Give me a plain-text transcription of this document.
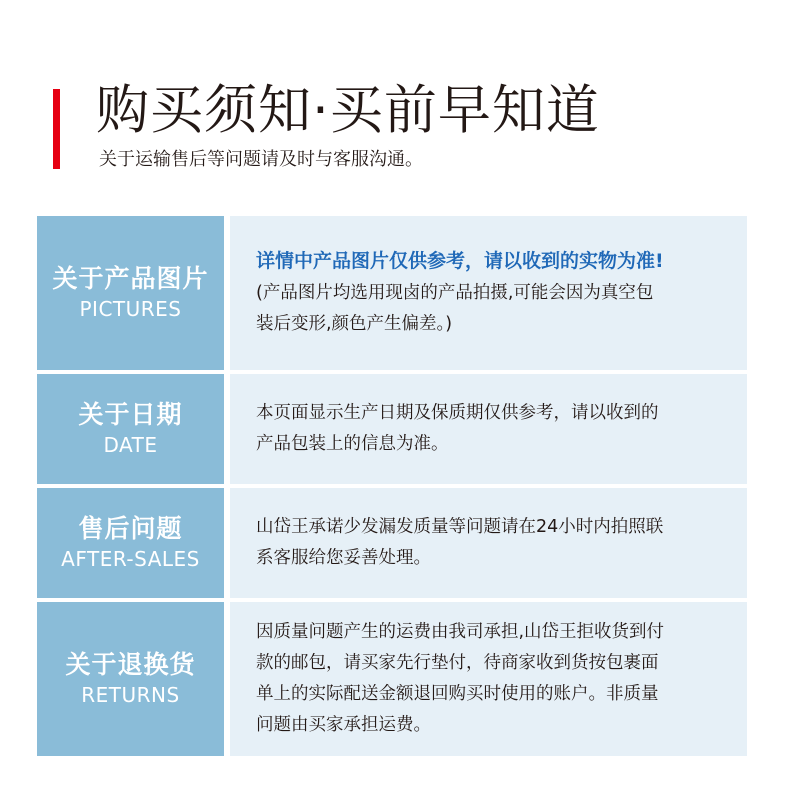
购买须知·买前早知道
关于运输售后等问题请及时与客服沟通。
关于产品图片
PICTURES
详情中产品图片仅供参考，请以收到的实物为准!

(产品图片均选用现卤的产品拍摄,可能会因为真空包

装后变形,颜色产生偏差。)

关于日期
DATE

本页面显示生产日期及保质期仅供参考，请以收到的

产品包装上的信息为准。

售后问题
AFTER-SALES

山岱王承诺少发漏发质量等问题请在24小时内拍照联

系客服给您妥善处理。

关于退换货
RETURNS

因质量问题产生的运费由我司承担,山岱王拒收货到付

款的邮包，请买家先行垫付，待商家收到货按包裹面

单上的实际配送金额退回购买时使用的账户。非质量

问题由买家承担运费。
